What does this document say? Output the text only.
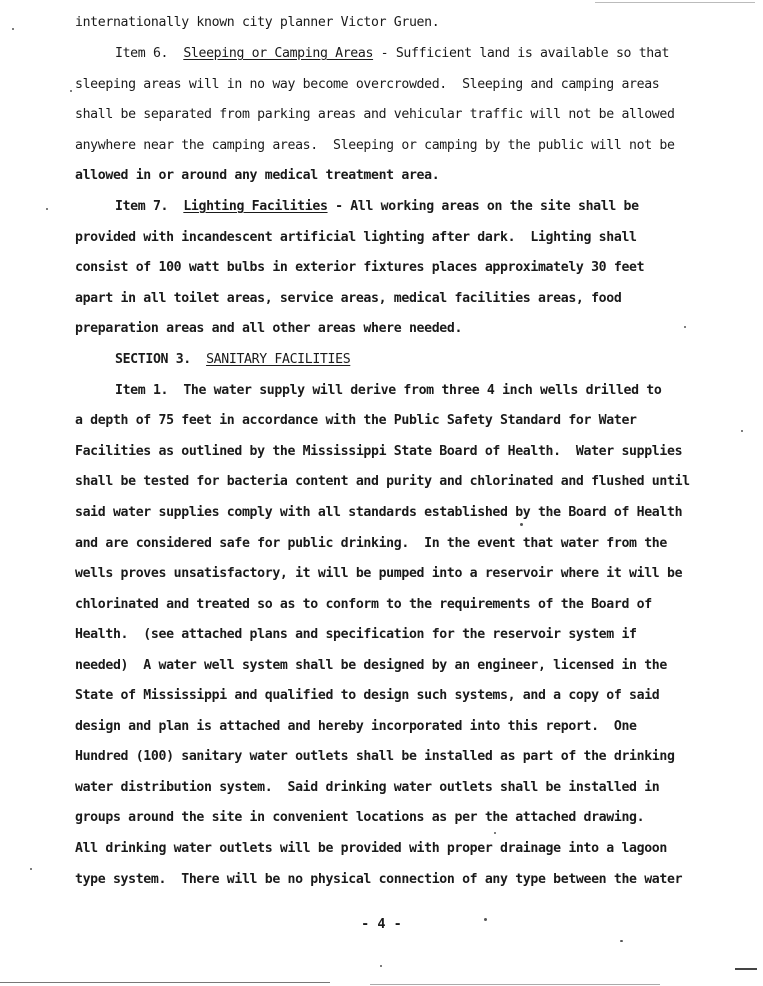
internationally known city planner Victor Gruen.
Item 6. Sleeping or Camping Areas - Sufficient land is available so that
sleeping areas will in no way become overcrowded.  Sleeping and camping areas
shall be separated from parking areas and vehicular traffic will not be allowed
anywhere near the camping areas.  Sleeping or camping by the public will not be
allowed in or around any medical treatment area.
Item 7. Lighting Facilities - All working areas on the site shall be
provided with incandescent artificial lighting after dark.  Lighting shall
consist of 100 watt bulbs in exterior fixtures places approximately 30 feet
apart in all toilet areas, service areas, medical facilities areas, food
preparation areas and all other areas where needed.
SECTION 3. SANITARY FACILITIES
Item 1.  The water supply will derive from three 4 inch wells drilled to
a depth of 75 feet in accordance with the Public Safety Standard for Water
Facilities as outlined by the Mississippi State Board of Health.  Water supplies
shall be tested for bacteria content and purity and chlorinated and flushed until
said water supplies comply with all standards established by the Board of Health
and are considered safe for public drinking.  In the event that water from the
wells proves unsatisfactory, it will be pumped into a reservoir where it will be
chlorinated and treated so as to conform to the requirements of the Board of
Health.  (see attached plans and specification for the reservoir system if
needed)  A water well system shall be designed by an engineer, licensed in the
State of Mississippi and qualified to design such systems, and a copy of said
design and plan is attached and hereby incorporated into this report.  One
Hundred (100) sanitary water outlets shall be installed as part of the drinking
water distribution system.  Said drinking water outlets shall be installed in
groups around the site in convenient locations as per the attached drawing.
All drinking water outlets will be provided with proper drainage into a lagoon
type system.  There will be no physical connection of any type between the water
- 4 -
